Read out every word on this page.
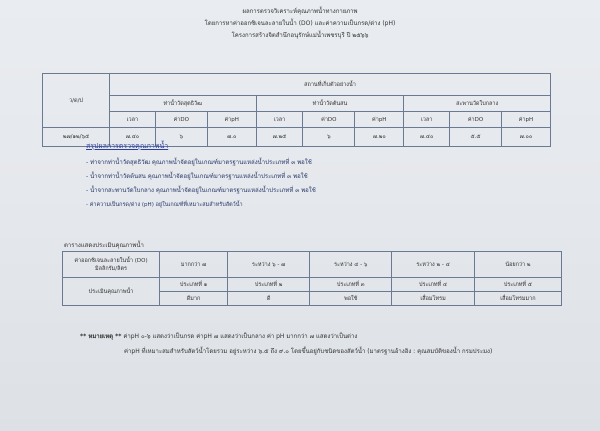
ผลการตรวจวิเคราะห์คุณภาพน้ำทางกายภาพ
โดยการหาค่าออกซิเจนละลายในน้ำ (DO) และค่าความเป็นกรด/ด่าง (pH)
โครงการสร้างจิตสำนึกอนุรักษ์แม่น้ำเพชรบุรี ปี ๒๕๖๖
ว/ด/ป	สถานที่เก็บตัวอย่างน้ำ								
	ท่าน้ำวัดสุตธิวัฒ			ท่าน้ำวัดต้นสน			สะพานวัดใบกลาง		
	เวลา	ค่าDO	ค่าpH	เวลา	ค่าDO	ค่าpH	เวลา	ค่าDO	ค่าpH
๒๗/๑๒/๖๕	๗.๔๐	๖	๗.๐	๗.๒๕	๖	๗.๒๐	๗.๔๐	๕.๕	๗.๐๐
สรุปผลการตรวจคุณภาพน้ำ
- ท่าจากท่าน้ำวัดสุตธิวัฒ คุณภาพน้ำจัดอยู่ในเกณฑ์มาตรฐานแหล่งน้ำประเภทที่ ๓ พอใช้
- น้ำจากท่าน้ำวัดต้นสน คุณภาพน้ำจัดอยู่ในเกณฑ์มาตรฐานแหล่งน้ำประเภทที่ ๓ พอใช้
- น้ำจากสะพานวัดใบกลาง คุณภาพน้ำจัดอยู่ในเกณฑ์มาตรฐานแหล่งน้ำประเภทที่ ๓ พอใช้
- ค่าความเป็นกรด/ด่าง (pH) อยู่ในเกณฑ์ที่เหมาะสมสำหรับสัตว์น้ำ
ตารางแสดงประเมินคุณภาพน้ำ
ค่าออกซิเจนละลายในน้ำ (DO) มิลลิกรัม/ลิตร	มากกว่า ๗	ระหว่าง ๖ - ๗	ระหว่าง ๔ - ๖	ระหว่าง ๒ - ๔	น้อยกว่า ๒
ประเมินคุณภาพน้ำ	ประเภทที่ ๑	ประเภทที่ ๒	ประเภทที่ ๓	ประเภทที่ ๔	ประเภทที่ ๕
	ดีมาก	ดี	พอใช้	เสื่อมโทรม	เสื่อมโทรมมาก
** หมายเหตุ ** ค่าpH ๐-๖ แสดงว่าเป็นกรด ค่าpH ๗ แสดงว่าเป็นกลาง ค่า pH มากกว่า ๗ แสดงว่าเป็นด่าง
ค่าpH ที่เหมาะสมสำหรับสัตว์น้ำโดยรวม อยู่ระหว่าง ๖.๕ ถึง ๙.๐ โดยขึ้นอยู่กับชนิดของสัตว์น้ำ (มาตรฐานอ้างอิง : คุณสมบัติของน้ำ กรมประมง)
